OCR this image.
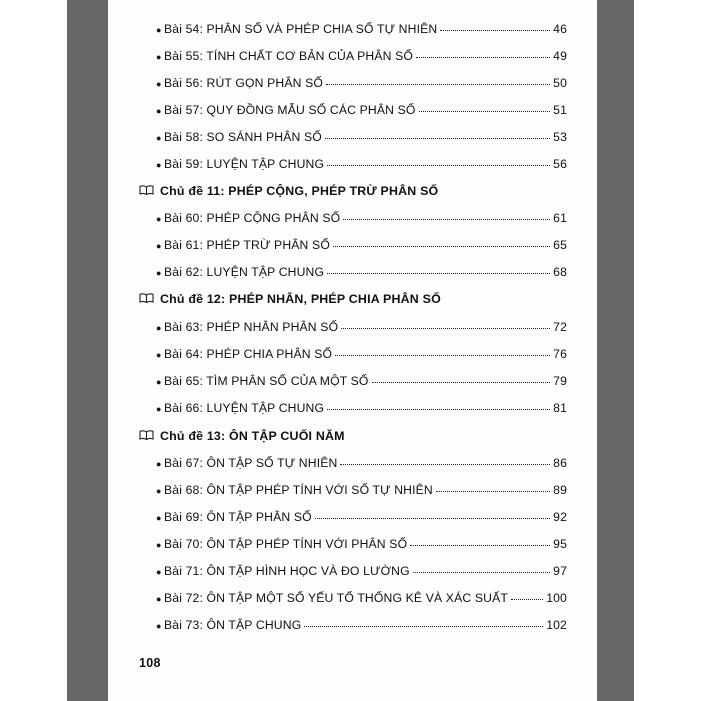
● Bài 54: PHÂN SỐ VÀ PHÉP CHIA SỐ TỰ NHIÊN	46
● Bài 55: TÍNH CHẤT CƠ BẢN CỦA PHÂN SỐ	49
● Bài 56: RÚT GỌN PHÂN SỐ	50
● Bài 57: QUY ĐỒNG MẪU SỐ CÁC PHÂN SỐ	51
● Bài 58: SO SÁNH PHÂN SỐ	53
● Bài 59: LUYỆN TẬP CHUNG	56
Chủ đề 11: PHÉP CỘNG, PHÉP TRỪ PHÂN SỐ
● Bài 60: PHÉP CỘNG PHÂN SỐ	61
● Bài 61: PHÉP TRỪ PHÂN SỐ	65
● Bài 62: LUYỆN TẬP CHUNG	68
Chủ đề 12: PHÉP NHÂN, PHÉP CHIA PHÂN SỐ
● Bài 63: PHÉP NHÂN PHÂN SỐ	72
● Bài 64: PHÉP CHIA PHÂN SỐ	76
● Bài 65: TÌM PHÂN SỐ CỦA MỘT SỐ	79
● Bài 66: LUYỆN TẬP CHUNG	81
Chủ đề 13: ÔN TẬP CUỐI NĂM
● Bài 67: ÔN TẬP SỐ TỰ NHIÊN	86
● Bài 68: ÔN TẬP PHÉP TÍNH VỚI SỐ TỰ NHIÊN	89
● Bài 69: ÔN TẬP PHÂN SỐ	92
● Bài 70: ÔN TẬP PHÉP TÍNH VỚI PHÂN SỐ	95
● Bài 71: ÔN TẬP HÌNH HỌC VÀ ĐO LƯỜNG	97
● Bài 72: ÔN TẬP MỘT SỐ YẾU TỐ THỐNG KÊ VÀ XÁC SUẤT	100
● Bài 73: ÔN TẬP CHUNG	102
108
